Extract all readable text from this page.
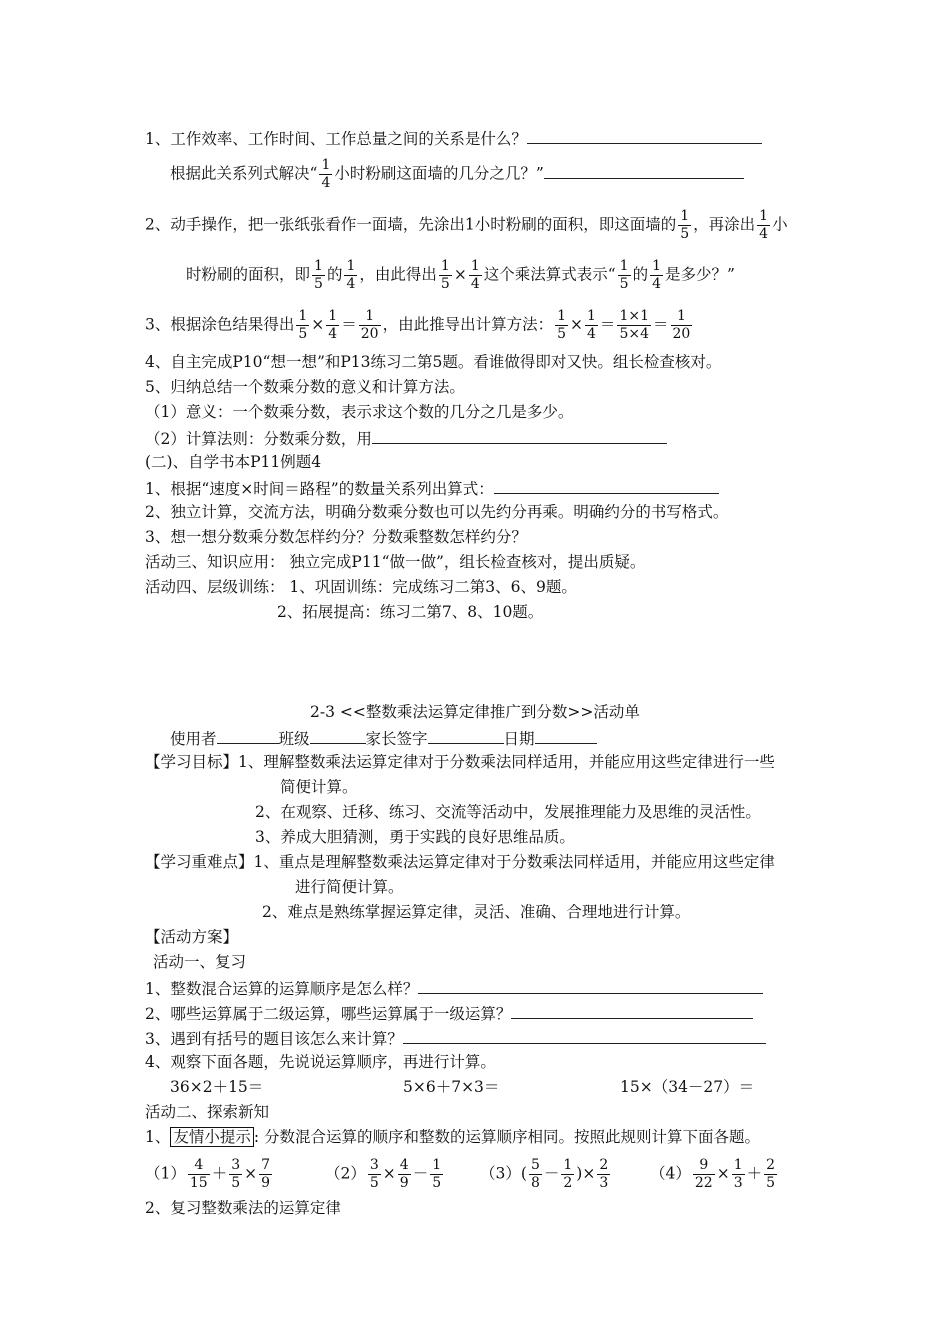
1、工作效率、工作时间、工作总量之间的关系是什么？
根据此关系列式解决“ $\frac{1}{4}$ 小时粉刷这面墙的几分之几？”
2、动手操作，把一张纸张看作一面墙，先涂出1小时粉刷的面积，即这面墙的 $\frac{1}{5}$ ，再涂出 $\frac{1}{4}$ 小
时粉刷的面积，即 $\frac{1}{5}$ 的 $\frac{1}{4}$ ，由此得出 $\frac{1}{5} \times \frac{1}{4}$ 这个乘法算式表示“ $\frac{1}{5}$ 的 $\frac{1}{4}$ 是多少？”
3、根据涂色结果得出 $\frac{1}{5} \times \frac{1}{4} = \frac{1}{20}$ ，由此推导出计算方法： $\frac{1}{5} \times \frac{1}{4} = \frac{1\times 1}{5\times 4} = \frac{1}{20}$
4、自主完成P10“想一想”和P13练习二第5题。看谁做得即对又快。组长检查核对。
5、归纳总结一个数乘分数的意义和计算方法。
（1）意义：一个数乘分数，表示求这个数的几分之几是多少。
（2）计算法则：分数乘分数，用
(二)、自学书本P11例题4
1、根据“速度×时间＝路程”的数量关系列出算式：
2、独立计算，交流方法，明确分数乘分数也可以先约分再乘。明确约分的书写格式。
3、想一想分数乘分数怎样约分？分数乘整数怎样约分？
活动三、知识应用： 独立完成P11“做一做”，组长检查核对，提出质疑。
活动四、层级训练： 1、巩固训练：完成练习二第3、6、9题。
2、拓展提高：练习二第7、8、10题。
2-3 <<整数乘法运算定律推广到分数>>活动单
使用者	班级	家长签字	日期
【学习目标】1、理解整数乘法运算定律对于分数乘法同样适用，并能应用这些定律进行一些
简便计算。
2、在观察、迁移、练习、交流等活动中，发展推理能力及思维的灵活性。
3、养成大胆猜测，勇于实践的良好思维品质。
【学习重难点】1、重点是理解整数乘法运算定律对于分数乘法同样适用，并能应用这些定律
进行简便计算。
2、难点是熟练掌握运算定律，灵活、准确、合理地进行计算。
【活动方案】
活动一、复习
1、整数混合运算的运算顺序是怎么样？
2、哪些运算属于二级运算，哪些运算属于一级运算？
3、遇到有括号的题目该怎么来计算？
4、观察下面各题，先说说运算顺序，再进行计算。
36×2＋15＝	5×6＋7×3＝	15×（34－27）＝
活动二、探索新知
1、 友情小提示 : 分数混合运算的顺序和整数的运算顺序相同。按照此规则计算下面各题。
$(1) \frac{4}{15} + \frac{3}{5} \times \frac{7}{9}$	$(2) \frac{3}{5} \times \frac{4}{9} - \frac{1}{5} (3)( \frac{5}{8} - \frac{1}{2}$ )× $\frac{2}{3}$	$(4) \frac{9}{22} \times \frac{1}{3} + \frac{2}{5}$
2、复习整数乘法的运算定律
